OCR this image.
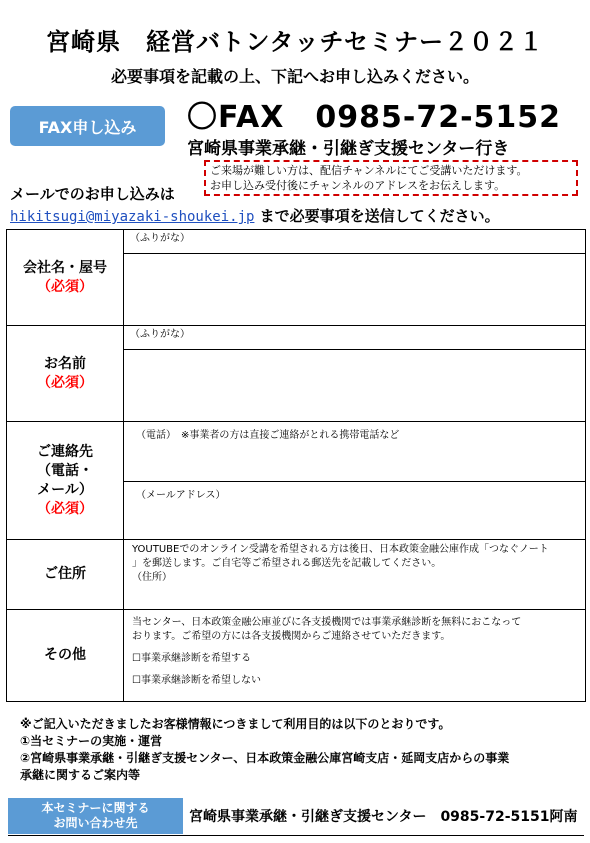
宮崎県　経営バトンタッチセミナー２０２１
必要事項を記載の上、下記へお申し込みください。
FAX申し込み	〇FAX　0985-72-5152
宮崎県事業承継・引継ぎ支援センター行き
ご来場が難しい方は、配信チャンネルにてご受講いただけます。
お申し込み受付後にチャンネルのアドレスをお伝えします。
メールでのお申し込みは
hikitsugi@miyazaki-shoukei.jp まで必要事項を送信してください。
会社名・屋号
（必須）	（ふりがな）

お名前
（必須）	（ふりがな）

ご連絡先
（電話・
メール）
（必須）	（電話）　※事業者の方は直接ご連絡がとれる携帯電話など
	（メールアドレス）

ご住所	YOUTUBEでのオンライン受講を希望される方は後日、日本政策金融公庫作成「つなぐノート
」を郵送します。ご自宅等ご希望される郵送先を記載してください。
（住所）

その他	当センター、日本政策金融公庫並びに各支援機関では事業承継診断を無料におこなって
おります。ご希望の方には各支援機関からご連絡させていただきます。
☐事業承継診断を希望する
☐事業承継診断を希望しない
※ご記入いただきましたお客様情報につきまして利用目的は以下のとおりです。
①当セミナーの実施・運営
②宮崎県事業承継・引継ぎ支援センター、日本政策金融公庫宮崎支店・延岡支店からの事業
承継に関するご案内等
本セミナーに関する
お問い合わせ先	宮崎県事業承継・引継ぎ支援センター　0985-72-5151阿南
